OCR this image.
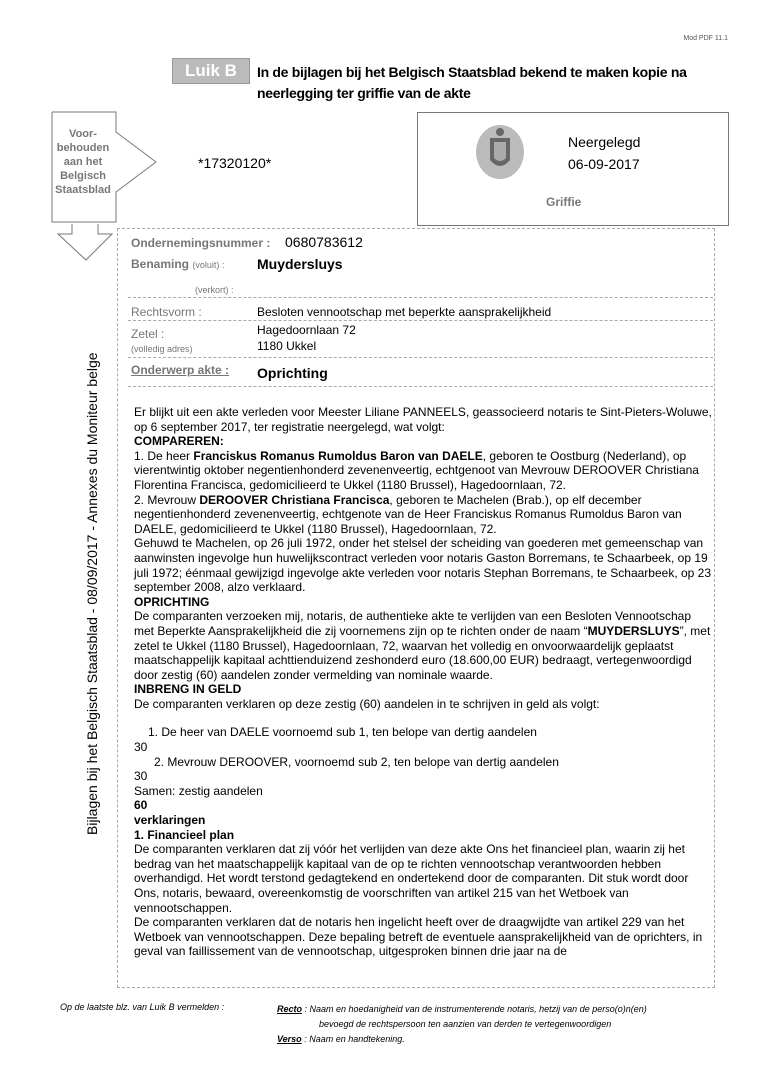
Mod PDF 11.1
Luik B	In de bijlagen bij het Belgisch Staatsblad bekend te maken kopie na neerlegging ter griffie van de akte
Voor-
behouden
aan het
Belgisch
Staatsblad
*17320120*
Neergelegd
06-09-2017
Griffie
Bijlagen bij het Belgisch Staatsblad - 08/09/2017 - Annexes du Moniteur belge
Ondernemingsnummer : 0680783612
Benaming (voluit) : Muydersluys
(verkort) :
Rechtsvorm :	Besloten vennootschap met beperkte aansprakelijkheid
Zetel :
(volledig adres)
Hagedoornlaan 72
1180 Ukkel
Onderwerp akte : Oprichting

Er blijkt uit een akte verleden voor Meester Liliane PANNEELS, geassocieerd notaris te Sint-Pieters-Woluwe, op 6 september 2017, ter registratie neergelegd, wat volgt:

COMPAREREN:

1. De heer Franciskus Romanus Rumoldus Baron van DAELE, geboren te Oostburg (Nederland), op vierentwintig oktober negentienhonderd zevenenveertig, echtgenoot van Mevrouw DEROOVER Christiana Florentina Francisca, gedomicilieerd te Ukkel (1180 Brussel), Hagedoornlaan, 72.

2. Mevrouw DEROOVER Christiana Francisca, geboren te Machelen (Brab.), op elf december negentienhonderd zevenenveertig, echtgenote van de Heer Franciskus Romanus Rumoldus Baron van DAELE, gedomicilieerd te Ukkel (1180 Brussel), Hagedoornlaan, 72.

Gehuwd te Machelen, op 26 juli 1972, onder het stelsel der scheiding van goederen met gemeenschap van aanwinsten ingevolge hun huwelijkscontract verleden voor notaris Gaston Borremans, te Schaarbeek, op 19 juli 1972; éénmaal gewijzigd ingevolge akte verleden voor notaris Stephan Borremans, te Schaarbeek, op 23 september 2008, alzo verklaard.

OPRICHTING

De comparanten verzoeken mij, notaris, de authentieke akte te verlijden van een Besloten Vennootschap met Beperkte Aansprakelijkheid die zij voornemens zijn op te richten onder de naam “MUYDERSLUYS”, met zetel te Ukkel (1180 Brussel), Hagedoornlaan, 72, waarvan het volledig en onvoorwaardelijk geplaatst maatschappelijk kapitaal achttienduizend zeshonderd euro (18.600,00 EUR) bedraagt, vertegenwoordigd door zestig (60) aandelen zonder vermelding van nominale waarde.

INBRENG IN GELD

De comparanten verklaren op deze zestig (60) aandelen in te schrijven in geld als volgt:

1. De heer van DAELE voornoemd sub 1, ten belope van dertig aandelen

30

2. Mevrouw DEROOVER, voornoemd sub 2, ten belope van dertig aandelen

30

Samen: zestig aandelen

60

verklaringen

1. Financieel plan

De comparanten verklaren dat zij vóór het verlijden van deze akte Ons het financieel plan, waarin zij het bedrag van het maatschappelijk kapitaal van de op te richten vennootschap verantwoorden hebben overhandigd. Het wordt terstond gedagtekend en ondertekend door de comparanten. Dit stuk wordt door Ons, notaris, bewaard, overeenkomstig de voorschriften van artikel 215 van het Wetboek van vennootschappen.

De comparanten verklaren dat de notaris hen ingelicht heeft over de draagwijdte van artikel 229 van het Wetboek van vennootschappen. Deze bepaling betreft de eventuele aansprakelijkheid van de oprichters, in geval van faillissement van de vennootschap, uitgesproken binnen drie jaar na de

Op de laatste blz. van Luik B vermelden :	Recto : Naam en hoedanigheid van de instrumenterende notaris, hetzij van de perso(o)n(en)
bevoegd de rechtspersoon ten aanzien van derden te vertegenwoordigen
Verso : Naam en handtekening.
